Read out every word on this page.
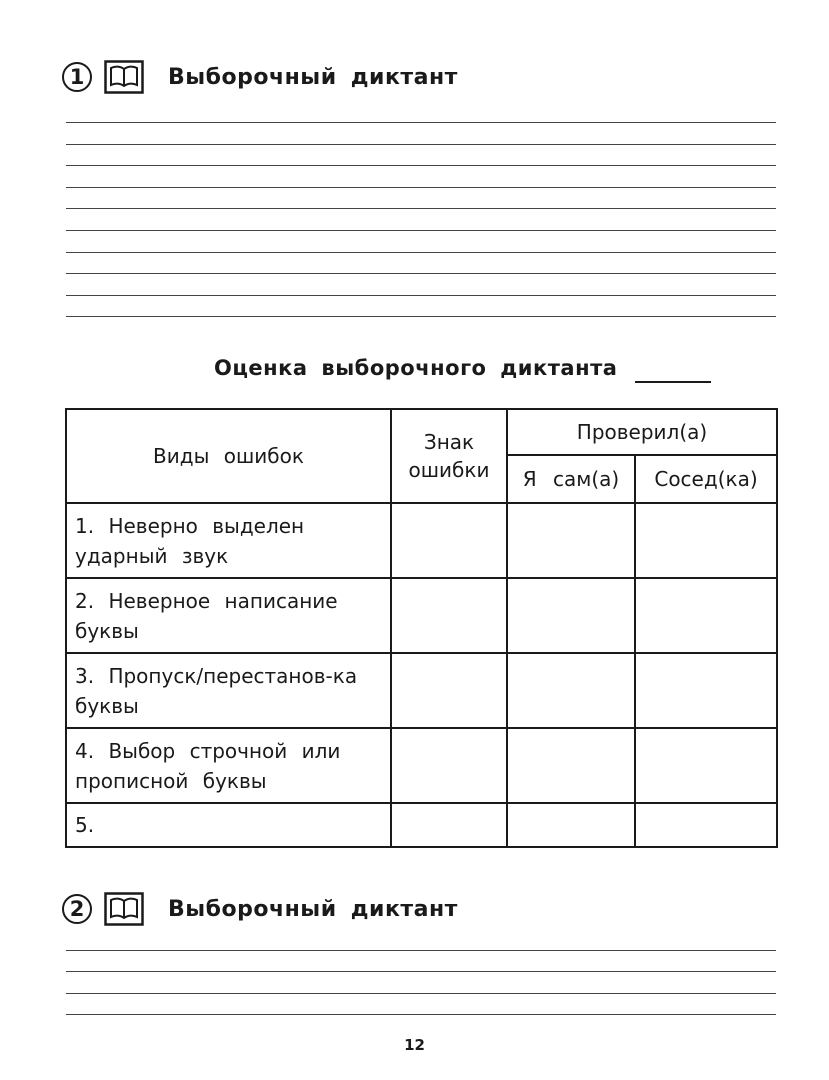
1	Выборочный диктант
Оценка выборочного диктанта
Виды ошибок	Знак ошибки	Проверил(а)	
		Я сам(а)	Сосед(ка)
1. Неверно выделен ударный звук			
2. Неверное написание буквы			
3. Пропуск/перестанов-ка буквы			
4. Выбор строчной или прописной буквы			
5.			
2	Выборочный диктант
12
